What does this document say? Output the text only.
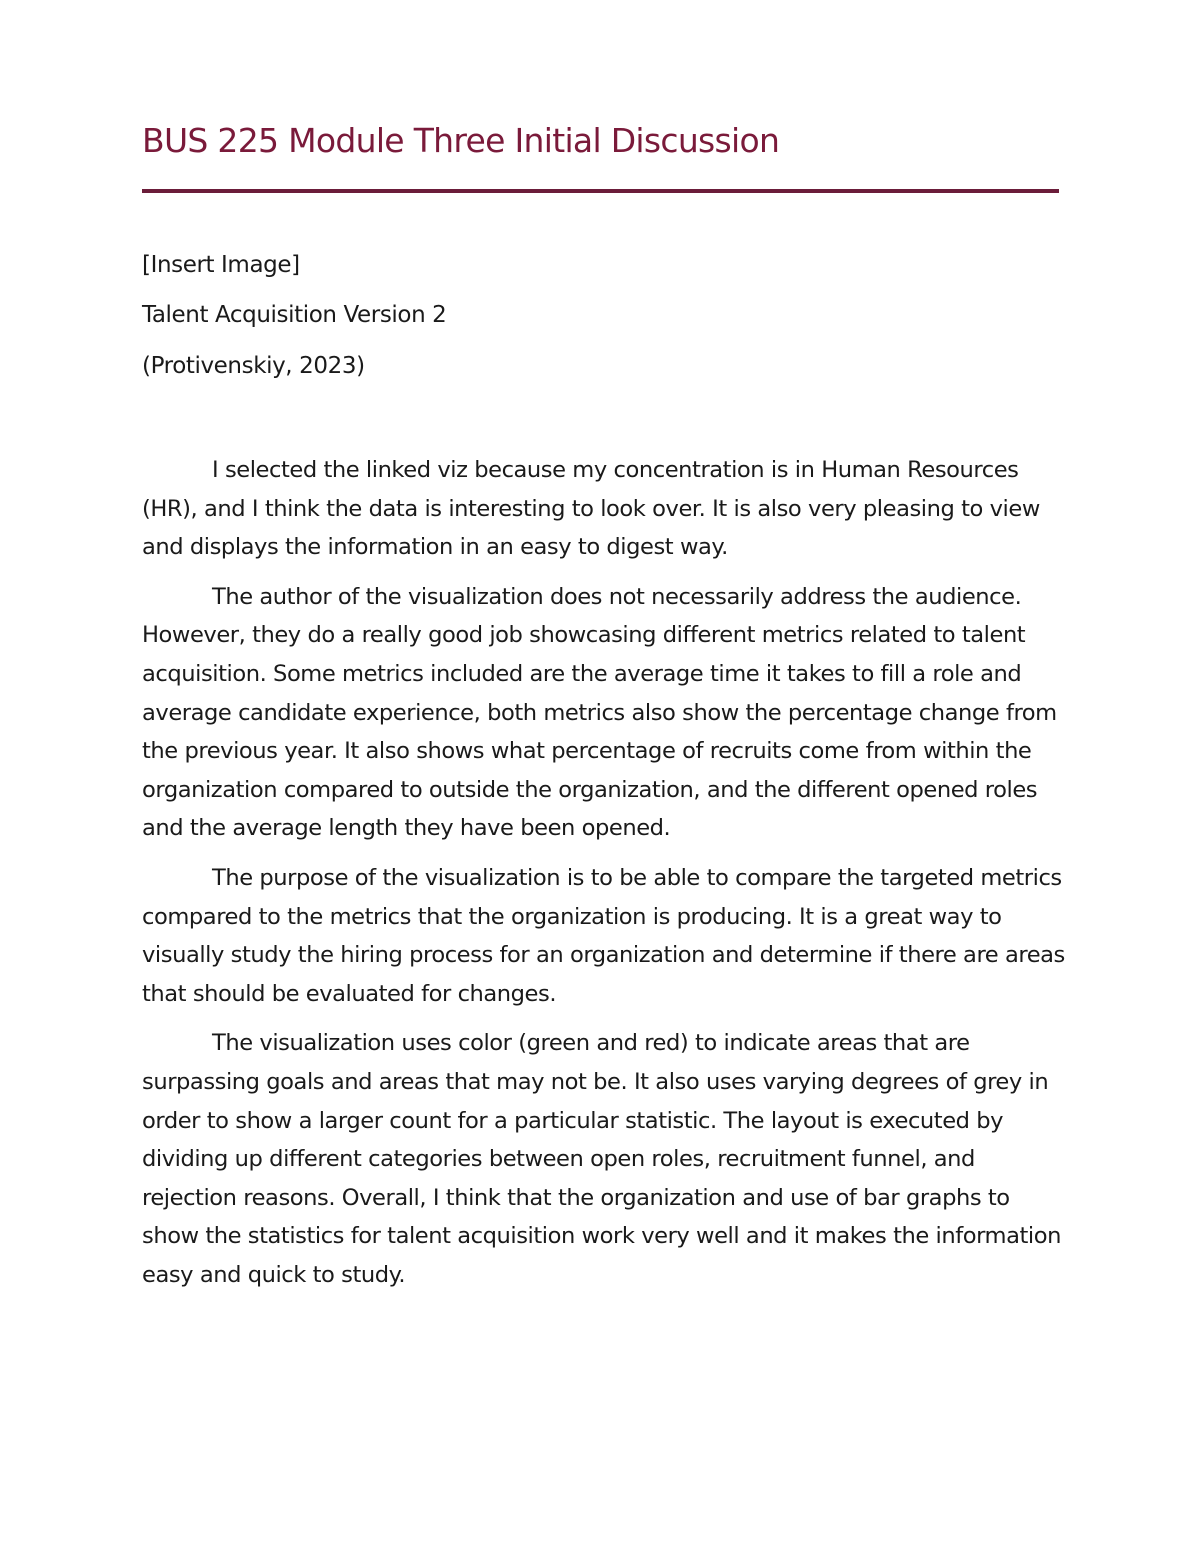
BUS 225 Module Three Initial Discussion
[Insert Image]
Talent Acquisition Version 2
(Protivenskiy, 2023)

I selected the linked viz because my concentration is in Human Resources (HR), and I think the data is interesting to look over. It is also very pleasing to view and displays the information in an easy to digest way.

The author of the visualization does not necessarily address the audience. However, they do a really good job showcasing different metrics related to talent acquisition. Some metrics included are the average time it takes to fill a role and average candidate experience, both metrics also show the percentage change from the previous year. It also shows what percentage of recruits come from within the organization compared to outside the organization, and the different opened roles and the average length they have been opened.

The purpose of the visualization is to be able to compare the targeted metrics compared to the metrics that the organization is producing. It is a great way to visually study the hiring process for an organization and determine if there are areas that should be evaluated for changes.

The visualization uses color (green and red) to indicate areas that are surpassing goals and areas that may not be. It also uses varying degrees of grey in order to show a larger count for a particular statistic. The layout is executed by dividing up different categories between open roles, recruitment funnel, and rejection reasons. Overall, I think that the organization and use of bar graphs to show the statistics for talent acquisition work very well and it makes the information easy and quick to study.
